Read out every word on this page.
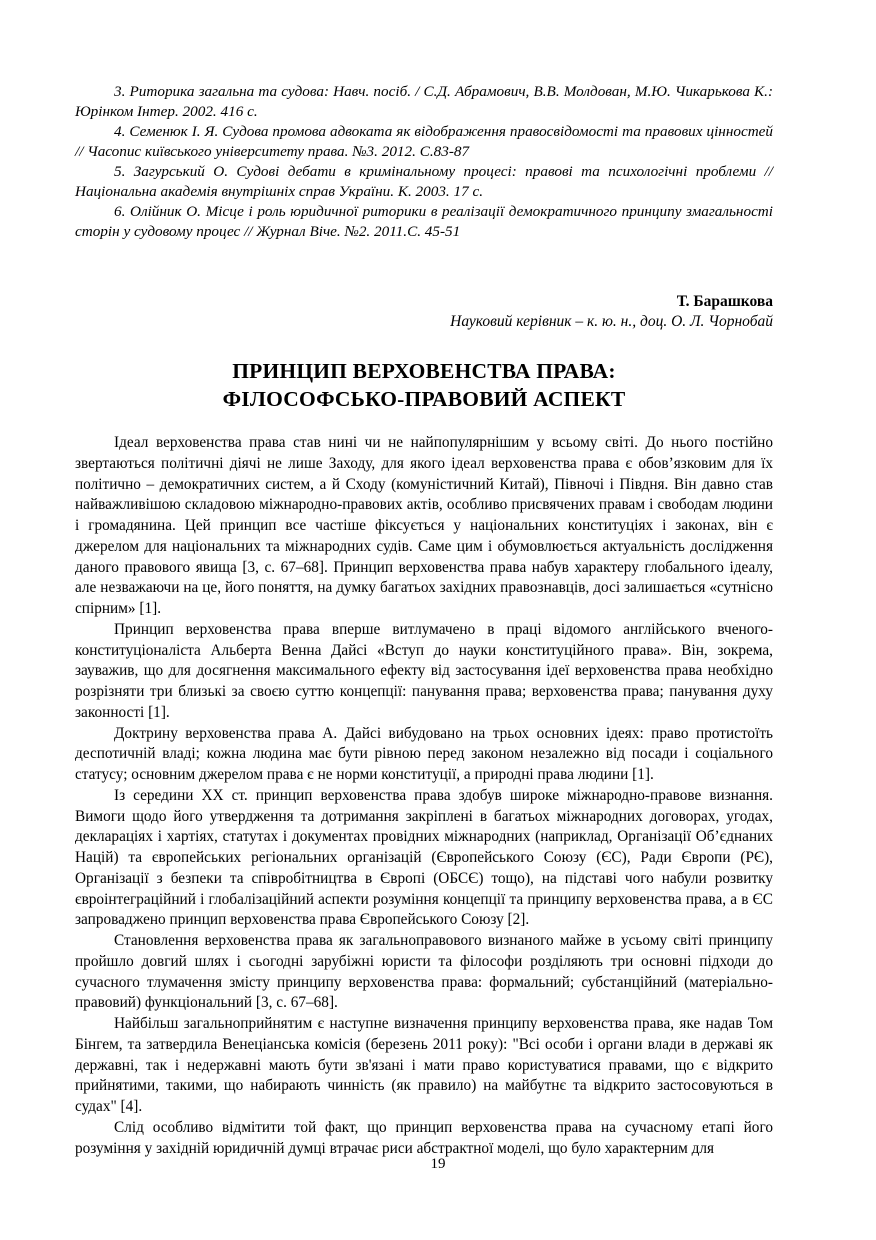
3. Риторика загальна та судова: Навч. посіб. / С.Д. Абрамович, В.В. Молдован, М.Ю. Чикарькова К.: Юрінком Інтер. 2002. 416 с.

4. Семенюк І. Я. Судова промова адвоката як відображення правосвідомості та правових цінностей // Часопис київського університету права. №3. 2012. С.83-87

5. Загурський О. Судові дебати в кримінальному процесі: правові та психологічні проблеми // Національна академія внутрішніх справ України. К. 2003. 17 с.

6. Олійник О. Місце і роль юридичної риторики в реалізації демократичного принципу змагальності сторін у судовому процес // Журнал Віче. №2. 2011.С. 45-51

Т. Барашкова
Науковий керівник – к. ю. н., доц. О. Л. Чорнобай
ПРИНЦИП ВЕРХОВЕНСТВА ПРАВА:
ФІЛОСОФСЬКО-ПРАВОВИЙ АСПЕКТ

Ідеал верховенства права став нині чи не найпопулярнішим у всьому світі. До нього постійно звертаються політичні діячі не лише Заходу, для якого ідеал верховенства права є обов’язковим для їх політично – демократичних систем, а й Сходу (комуністичний Китай), Півночі і Півдня. Він давно став найважливішою складовою міжнародно-правових актів, особливо присвячених правам і свободам людини і громадянина. Цей принцип все частіше фіксується у національних конституціях і законах, він є джерелом для національних та міжнародних судів. Саме цим і обумовлюється актуальність дослідження даного правового явища [3, с. 67–68]. Принцип верховенства права набув характеру глобального ідеалу, але незважаючи на це, його поняття, на думку багатьох західних правознавців, досі залишається «сутнісно спірним» [1].

Принцип верховенства права вперше витлумачено в праці відомого англійського вченого-конституціоналіста Альберта Венна Дайсі «Вступ до науки конституційного права». Він, зокрема, зауважив, що для досягнення максимального ефекту від застосування ідеї верховенства права необхідно розрізняти три близькі за своєю суттю концепції: панування права; верховенства права; панування духу законності [1].

Доктрину верховенства права А. Дайсі вибудовано на трьох основних ідеях: право протистоїть деспотичній владі; кожна людина має бути рівною перед законом незалежно від посади і соціального статусу; основним джерелом права є не норми конституції, а природні права людини [1].

Із середини XX ст. принцип верховенства права здобув широке міжнародно-правове визнання. Вимоги щодо його утвердження та дотримання закріплені в багатьох міжнародних договорах, угодах, деклараціях і хартіях, статутах і документах провідних міжнародних (наприклад, Організації Об’єднаних Націй) та європейських регіональних організацій (Європейського Союзу (ЄС), Ради Європи (РЄ), Організації з безпеки та співробітництва в Європі (ОБСЄ) тощо), на підставі чого набули розвитку євроінтеграційний і глобалізаційний аспекти розуміння концепції та принципу верховенства права, а в ЄС запроваджено принцип верховенства права Європейського Союзу [2].

Становлення верховенства права як загальноправового визнаного майже в усьому світі принципу пройшло довгий шлях і сьогодні зарубіжні юристи та філософи розділяють три основні підходи до сучасного тлумачення змісту принципу верховенства права: формальний; субстанційний (матеріально-правовий) функціональний [3, с. 67–68].

Найбільш загальноприйнятим є наступне визначення принципу верховенства права, яке надав Том Бінгем, та затвердила Венеціанська комісія (березень 2011 року): "Всі особи і органи влади в державі як державні, так і недержавні мають бути зв'язані і мати право користуватися правами, що є відкрито прийнятими, такими, що набирають чинність (як правило) на майбутнє та відкрито застосовуються в судах" [4].

Слід особливо відмітити той факт, що принцип верховенства права на сучасному етапі його розуміння у західній юридичній думці втрачає риси абстрактної моделі, що було характерним для

19
